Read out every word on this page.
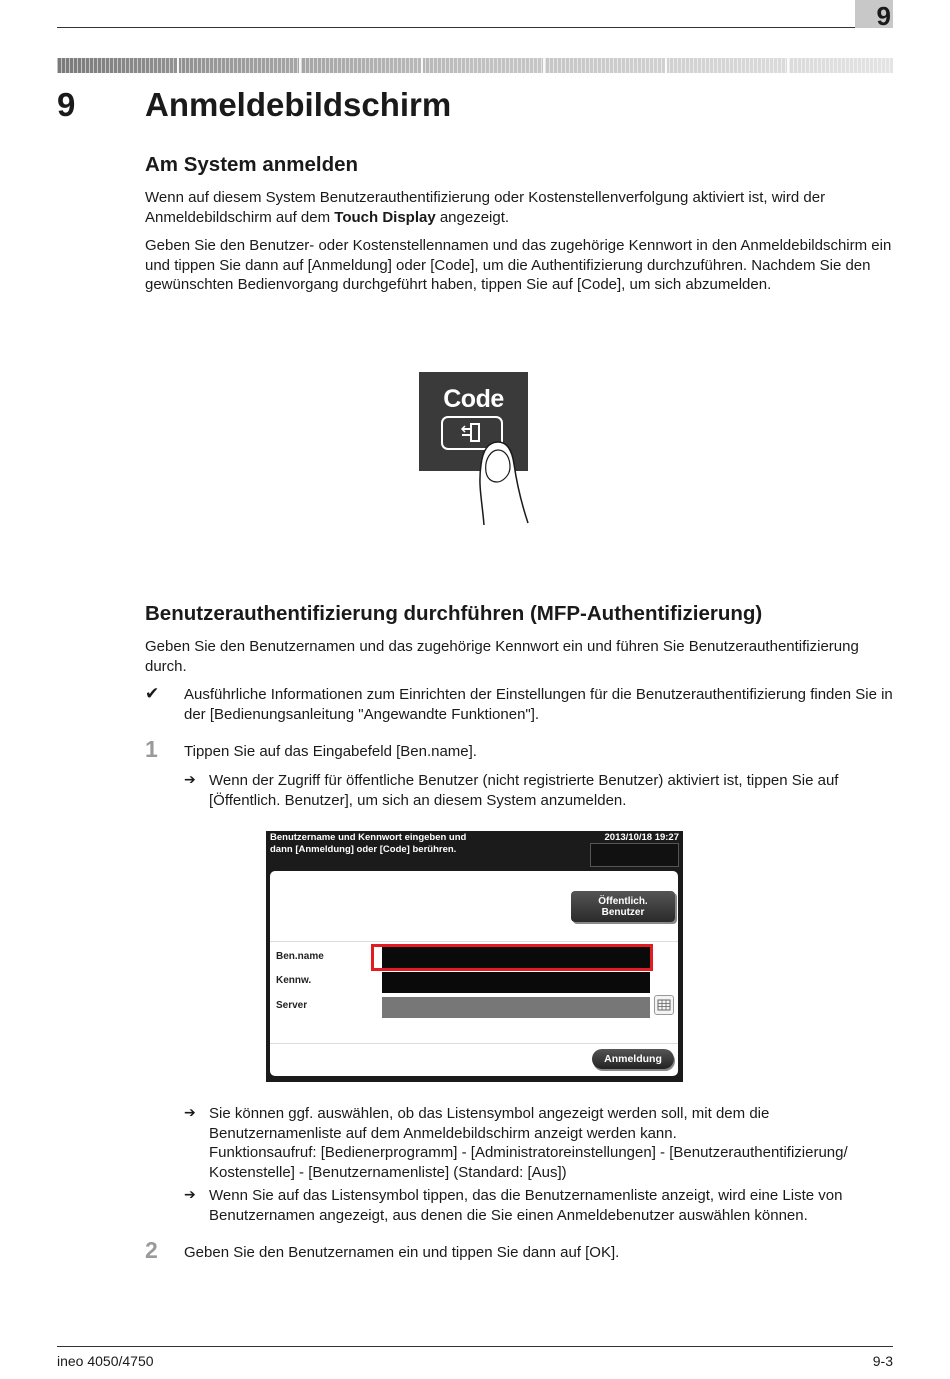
9
9 Anmeldebildschirm
Am System anmelden
Wenn auf diesem System Benutzerauthentifizierung oder Kostenstellenverfolgung aktiviert ist, wird der Anmeldebildschirm auf dem Touch Display angezeigt.
Geben Sie den Benutzer- oder Kostenstellennamen und das zugehörige Kennwort in den Anmeldebildschirm ein und tippen Sie dann auf [Anmeldung] oder [Code], um die Authentifizierung durchzuführen. Nachdem Sie den gewünschten Bedienvorgang durchgeführt haben, tippen Sie auf [Code], um sich abzumelden.
Code
Benutzerauthentifizierung durchführen (MFP-Authentifizierung)
Geben Sie den Benutzernamen und das zugehörige Kennwort ein und führen Sie Benutzerauthentifizierung durch.
✔ Ausführliche Informationen zum Einrichten der Einstellungen für die Benutzerauthentifizierung finden Sie in der [Bedienungsanleitung "Angewandte Funktionen"].
1 Tippen Sie auf das Eingabefeld [Ben.name].
➔ Wenn der Zugriff für öffentliche Benutzer (nicht registrierte Benutzer) aktiviert ist, tippen Sie auf [Öffentlich. Benutzer], um sich an diesem System anzumelden.
Benutzername und Kennwort eingeben und
dann [Anmeldung] oder [Code] berühren.
2013/10/18 19:27
Öffentlich.
Benutzer
Ben.name
Kennw.
Server
Anmeldung
➔ Sie können ggf. auswählen, ob das Listensymbol angezeigt werden soll, mit dem die Benutzernamenliste auf dem Anmeldebildschirm anzeigt werden kann.
Funktionsaufruf: [Bedienerprogramm] - [Administratoreinstellungen] - [Benutzerauthentifizierung/ Kostenstelle] - [Benutzernamenliste] (Standard: [Aus])
➔ Wenn Sie auf das Listensymbol tippen, das die Benutzernamenliste anzeigt, wird eine Liste von Benutzernamen angezeigt, aus denen die Sie einen Anmeldebenutzer auswählen können.
2 Geben Sie den Benutzernamen ein und tippen Sie dann auf [OK].
ineo 4050/4750	9-3
